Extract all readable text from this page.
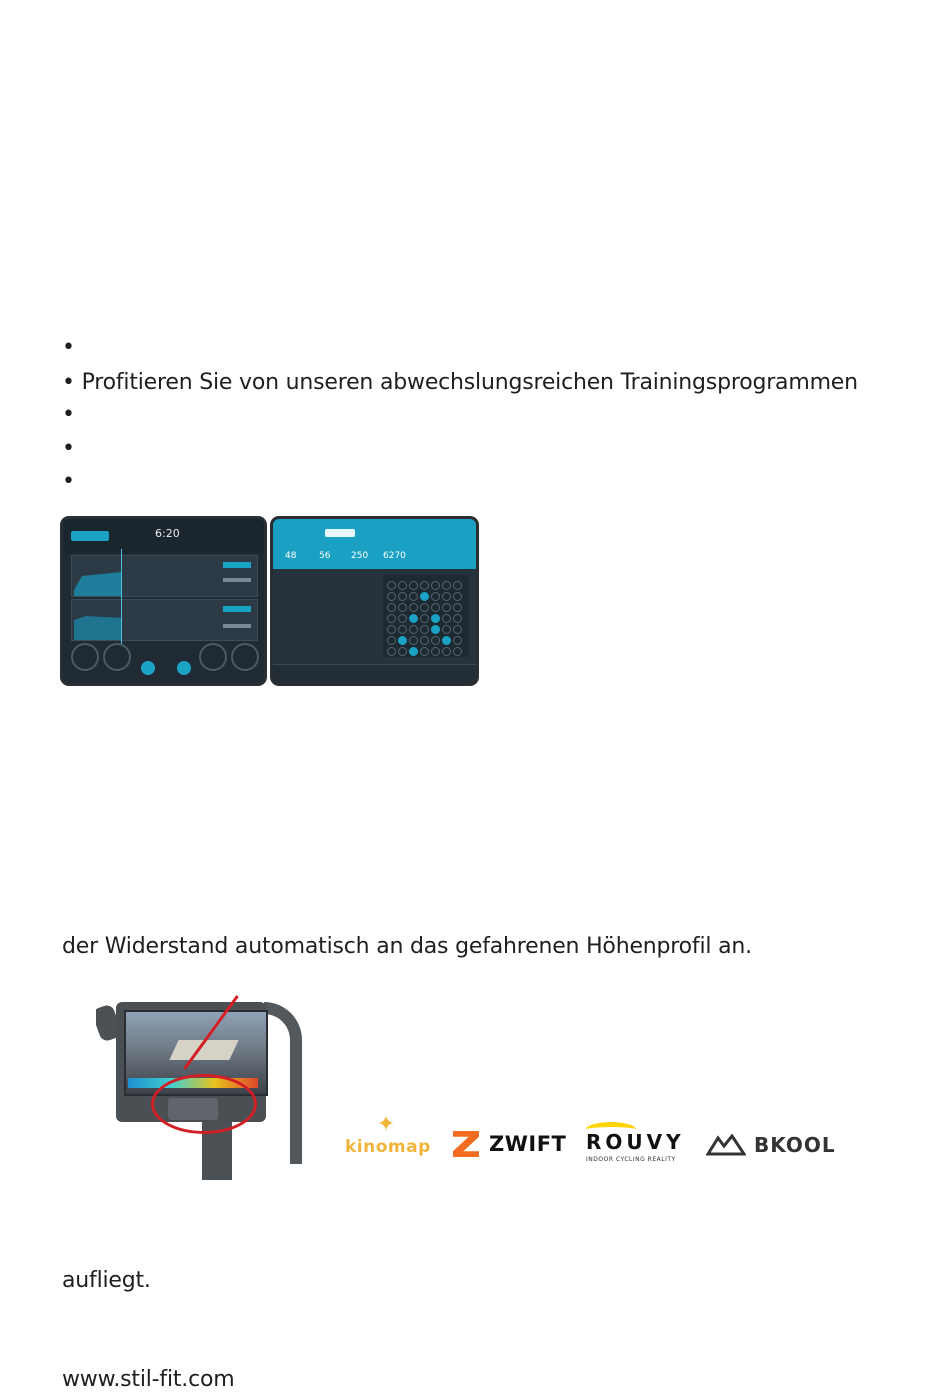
•
• Profitieren Sie von unseren abwechslungsreichen Trainingsprogrammen
•
•
•
6:20
48	56 250 6270
der Widerstand automatisch an das gefahrenen Höhenprofil an.
✦
kinomap	ZWIFT ROUVY
INDOOR CYCLING REALITY
BKOOL
aufliegt.
www.stil-fit.com
